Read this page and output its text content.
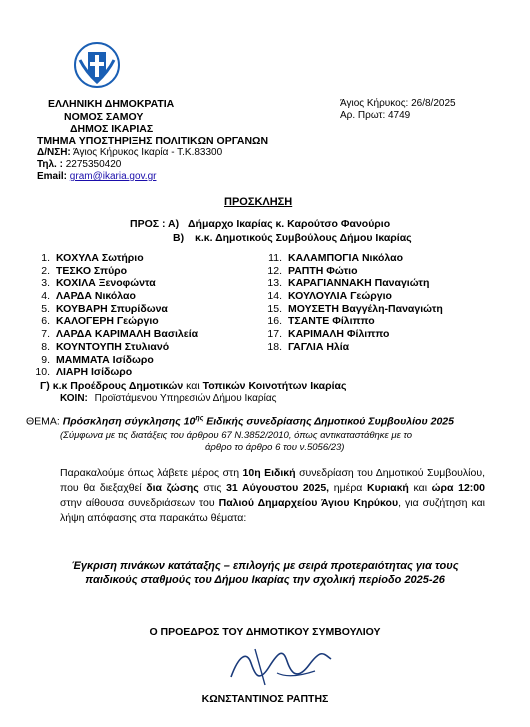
ΕΛΛΗΝΙΚΗ ΔΗΜΟΚΡΑΤΙΑ
ΝΟΜΟΣ ΣΑΜΟΥ
ΔΗΜΟΣ ΙΚΑΡΙΑΣ
ΤΜΗΜΑ ΥΠΟΣΤΗΡΙΞΗΣ ΠΟΛΙΤΙΚΩΝ ΟΡΓΑΝΩΝ
Δ/ΝΣΗ: Άγιος Κήρυκος Ικαρία - Τ.Κ.83300
Τηλ. : 2275350420
Email: gram@ikaria.gov.gr
Άγιος Κήρυκος: 26/8/2025
Αρ. Πρωτ: 4749
ΠΡΟΣΚΛΗΣΗ
ΠΡΟΣ : Α) Δήμαρχο Ικαρίας κ. Καρούτσο Φανούριο
Β) κ.κ. Δημοτικούς Συμβούλους Δήμου Ικαρίας
1. ΚΟΧΥΛΑ Σωτήριο
2. ΤΕΣΚΟ Σπύρο
3. ΚΟΧΙΛΑ Ξενοφώντα
4. ΛΑΡΔΑ Νικόλαο
5. ΚΟΥΒΑΡΗ Σπυρίδωνα
6. ΚΑΛΟΓΕΡΗ Γεώργιο
7. ΛΑΡΔΑ ΚΑΡΙΜΑΛΗ Βασιλεία
8. ΚΟΥΝΤΟΥΠΗ Στυλιανό
9. ΜΑΜΜΑΤΑ Ισίδωρο
10. ΛΙΑΡΗ Ισίδωρο
11. ΚΑΛΑΜΠΟΓΙΑ Νικόλαο
12. ΡΑΠΤΗ Φώτιο
13. ΚΑΡΑΓΙΑΝΝΑΚΗ Παναγιώτη
14. ΚΟΥΛΟΥΛΙΑ Γεώργιο
15. ΜΟΥΣΕΤΗ Βαγγέλη-Παναγιώτη
16. ΤΣΑΝΤΕ Φίλιππο
17. ΚΑΡΙΜΑΛΗ Φίλιππο
18. ΓΑΓΛΙΑ Ηλία
Γ) κ.κ Προέδρους Δημοτικών και Τοπικών Κοινοτήτων Ικαρίας
ΚΟΙΝ: Προϊστάμενου Υπηρεσιών Δήμου Ικαρίας
ΘΕΜΑ: Πρόσκληση σύγκλησης $10^{\eta\varsigma}$ Ειδικής συνεδρίασης Δημοτικού Συμβουλίου 2025
(Σύμφωνα με τις διατάξεις του άρθρου 67 Ν.3852/2010, όπως αντικαταστάθηκε με το
άρθρο το άρθρο 6 του ν.5056/23)
Παρακαλούμε όπως λάβετε μέρος στη 10η Ειδική συνεδρίαση του Δημοτικού Συμβουλίου, που θα διεξαχθεί δια ζώσης στις 31 Αύγουστου 2025, ημέρα Κυριακή και ώρα 12:00 στην αίθουσα συνεδριάσεων του Παλιού Δημαρχείου Άγιου Κηρύκου, για συζήτηση και λήψη απόφασης στα παρακάτω θέματα:
Έγκριση πινάκων κατάταξης – επιλογής με σειρά προτεραιότητας για τους
παιδικούς σταθμούς του Δήμου Ικαρίας την σχολική περίοδο 2025-26
Ο ΠΡΟΕΔΡΟΣ ΤΟΥ ΔΗΜΟΤΙΚΟΥ ΣΥΜΒΟΥΛΙΟΥ
ΚΩΝΣΤΑΝΤΙΝΟΣ ΡΑΠΤΗΣ
